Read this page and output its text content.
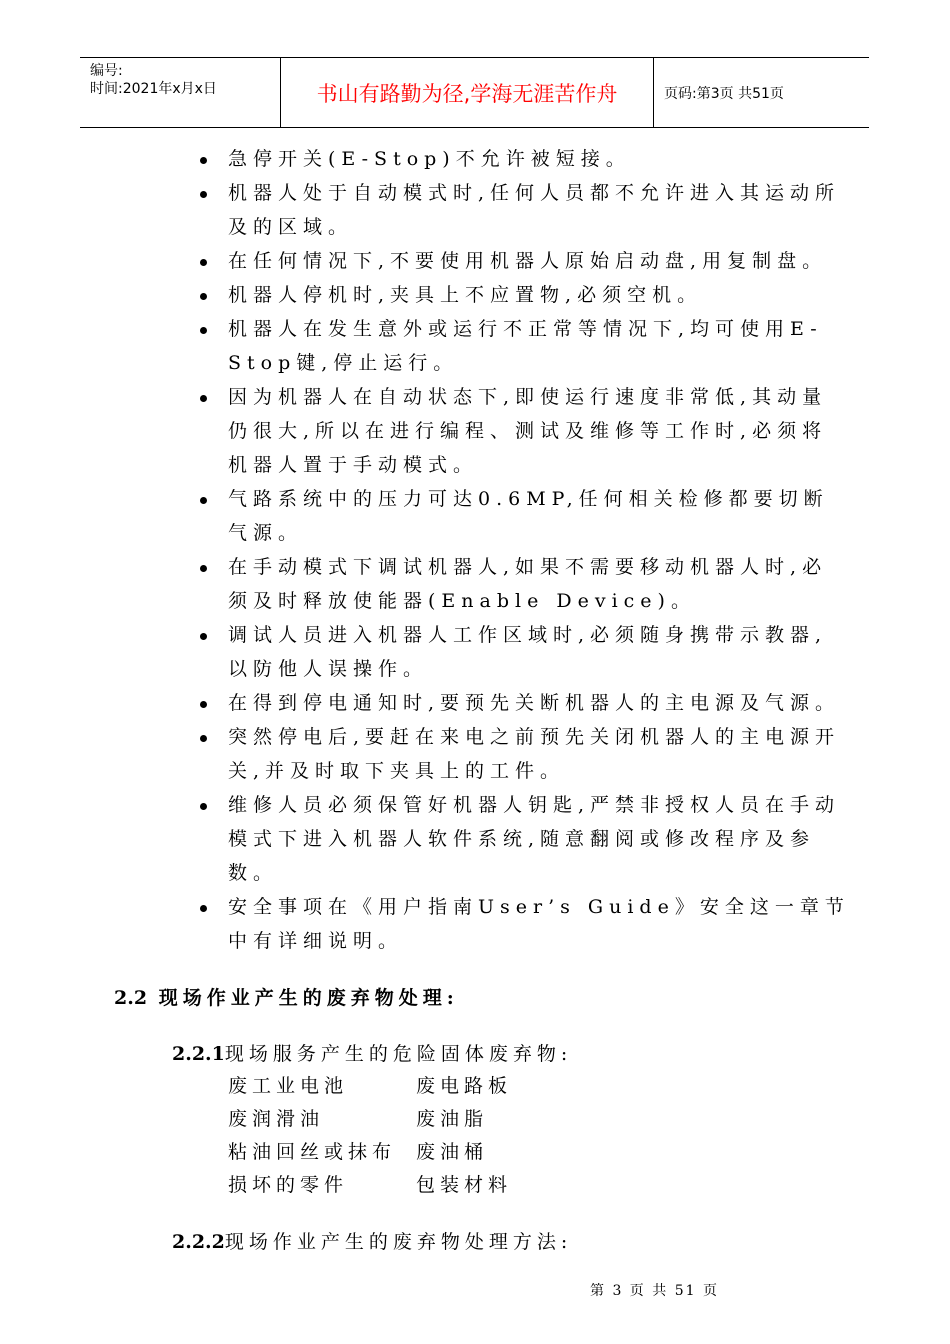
编号:
时间:2021年x月x日	书山有路勤为径,学海无涯苦作舟	页码:第3页 共51页
急停开关(E-Stop)不允许被短接。
机器人处于自动模式时,任何人员都不允许进入其运动所及的区域。
在任何情况下,不要使用机器人原始启动盘,用复制盘。
机器人停机时,夹具上不应置物,必须空机。
机器人在发生意外或运行不正常等情况下,均可使用E-Stop键,停止运行。
因为机器人在自动状态下,即使运行速度非常低,其动量仍很大,所以在进行编程、测试及维修等工作时,必须将机器人置于手动模式。
气路系统中的压力可达0.6MP,任何相关检修都要切断气源。
在手动模式下调试机器人,如果不需要移动机器人时,必须及时释放使能器(Enable Device)。
调试人员进入机器人工作区域时,必须随身携带示教器,以防他人误操作。
在得到停电通知时,要预先关断机器人的主电源及气源。
突然停电后,要赶在来电之前预先关闭机器人的主电源开关,并及时取下夹具上的工件。
维修人员必须保管好机器人钥匙,严禁非授权人员在手动模式下进入机器人软件系统,随意翻阅或修改程序及参数。
安全事项在《用户指南User’s Guide》安全这一章节中有详细说明。
2.2 现场作业产生的废弃物处理:
2.2.1现场服务产生的危险固体废弃物:
废工业电池	废电路板
废润滑油	废油脂
粘油回丝或抹布	废油桶
损坏的零件	包装材料
2.2.2现场作业产生的废弃物处理方法:
第 3 页 共 51 页
